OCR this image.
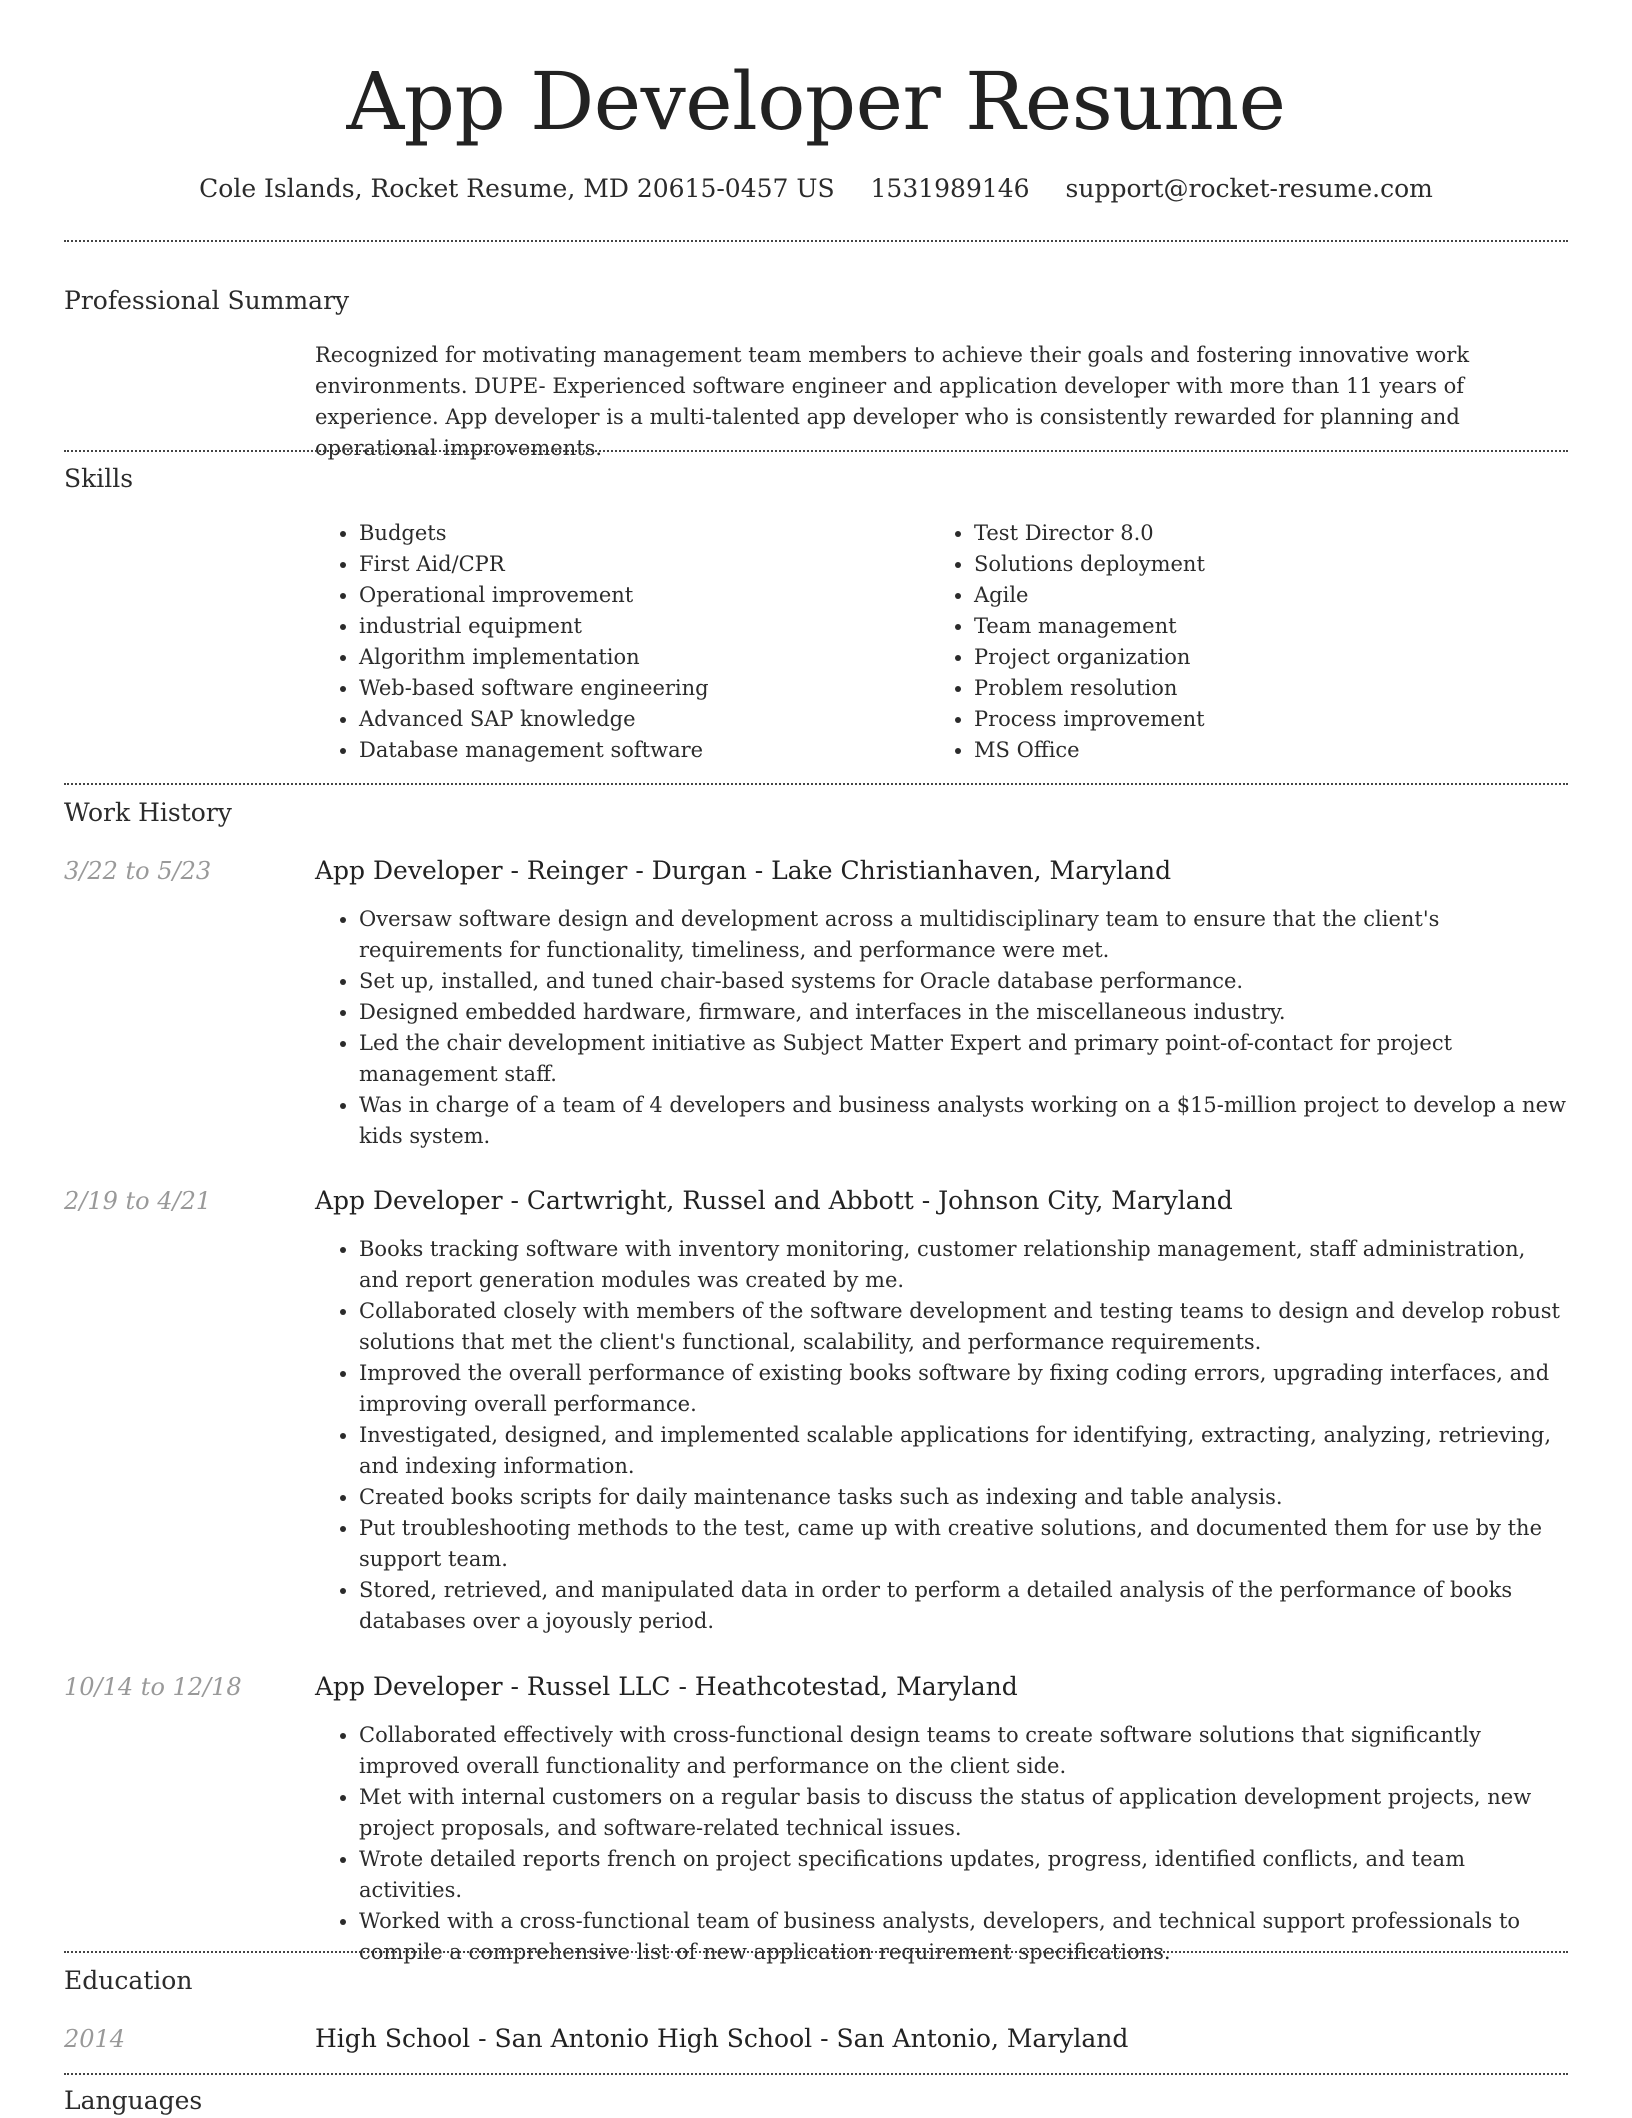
App Developer Resume
Cole Islands, Rocket Resume, MD 20615-0457 US 1531989146 support@rocket-resume.com
Professional Summary
Recognized for motivating management team members to achieve their goals and fostering innovative work environments. DUPE- Experienced software engineer and application developer with more than 11 years of experience. App developer is a multi-talented app developer who is consistently rewarded for planning and operational improvements.
Skills
• Budgets
• First Aid/CPR
• Operational improvement
• industrial equipment
• Algorithm implementation
• Web-based software engineering
• Advanced SAP knowledge
• Database management software
• Test Director 8.0
• Solutions deployment
• Agile
• Team management
• Project organization
• Problem resolution
• Process improvement
• MS Office
Work History
3/22 to 5/23	App Developer - Reinger - Durgan - Lake Christianhaven, Maryland
• Oversaw software design and development across a multidisciplinary team to ensure that the client's requirements for functionality, timeliness, and performance were met.
• Set up, installed, and tuned chair-based systems for Oracle database performance.
• Designed embedded hardware, firmware, and interfaces in the miscellaneous industry.
• Led the chair development initiative as Subject Matter Expert and primary point-of-contact for project management staff.
• Was in charge of a team of 4 developers and business analysts working on a $15-million project to develop a new kids system.
2/19 to 4/21	App Developer - Cartwright, Russel and Abbott - Johnson City, Maryland
• Books tracking software with inventory monitoring, customer relationship management, staff administration, and report generation modules was created by me.
• Collaborated closely with members of the software development and testing teams to design and develop robust solutions that met the client's functional, scalability, and performance requirements.
• Improved the overall performance of existing books software by fixing coding errors, upgrading interfaces, and improving overall performance.
• Investigated, designed, and implemented scalable applications for identifying, extracting, analyzing, retrieving, and indexing information.
• Created books scripts for daily maintenance tasks such as indexing and table analysis.
• Put troubleshooting methods to the test, came up with creative solutions, and documented them for use by the support team.
• Stored, retrieved, and manipulated data in order to perform a detailed analysis of the performance of books databases over a joyously period.
10/14 to 12/18	App Developer - Russel LLC - Heathcotestad, Maryland
• Collaborated effectively with cross-functional design teams to create software solutions that significantly improved overall functionality and performance on the client side.
• Met with internal customers on a regular basis to discuss the status of application development projects, new project proposals, and software-related technical issues.
• Wrote detailed reports french on project specifications updates, progress, identified conflicts, and team activities.
• Worked with a cross-functional team of business analysts, developers, and technical support professionals to compile a comprehensive list of new application requirement specifications.
Education
2014	High School - San Antonio High School - San Antonio, Maryland
Languages
